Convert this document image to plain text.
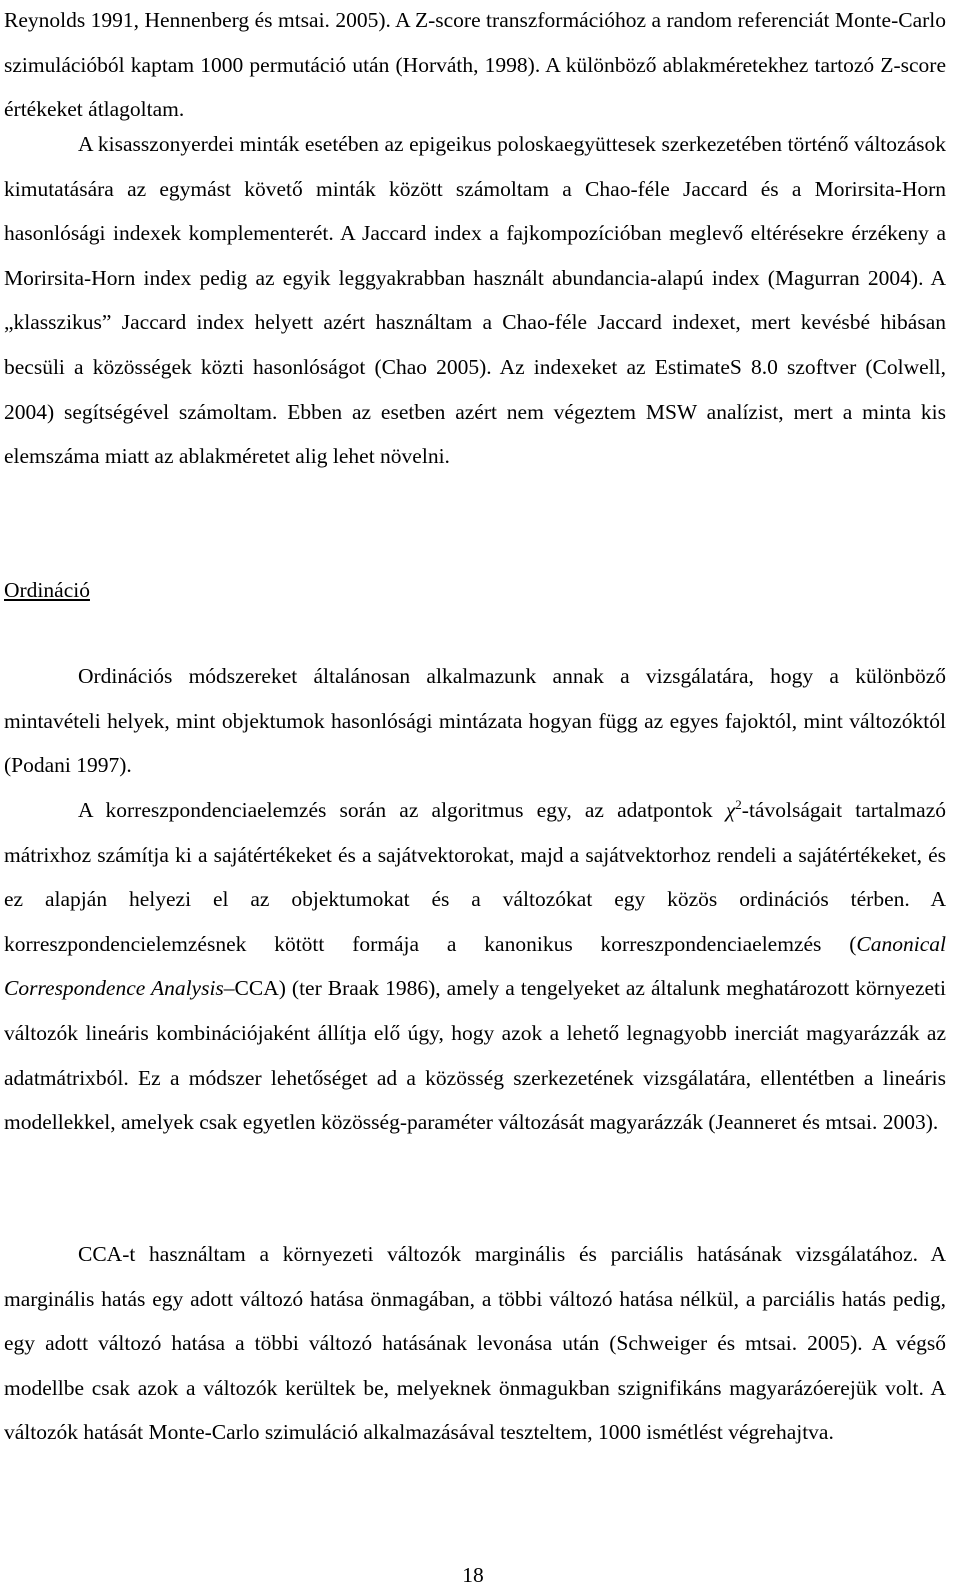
Reynolds 1991, Hennenberg és mtsai. 2005). A Z-score transzformációhoz a random referenciát Monte-Carlo szimulációból kaptam 1000 permutáció után (Horváth, 1998). A különböző ablakméretekhez tartozó Z-score értékeket átlagoltam.

A kisasszonyerdei minták esetében az epigeikus poloskaegyüttesek szerkezetében történő változások kimutatására az egymást követő minták között számoltam a Chao-féle Jaccard és a Morirsita-Horn hasonlósági indexek komplementerét. A Jaccard index a fajkompozícióban meglevő eltérésekre érzékeny a Morirsita-Horn index pedig az egyik leggyakrabban használt abundancia-alapú index (Magurran 2004). A „klasszikus” Jaccard index helyett azért használtam a Chao-féle Jaccard indexet, mert kevésbé hibásan becsüli a közösségek közti hasonlóságot (Chao 2005). Az indexeket az EstimateS 8.0 szoftver (Colwell, 2004) segítségével számoltam. Ebben az esetben azért nem végeztem MSW analízist, mert a minta kis elemszáma miatt az ablakméretet alig lehet növelni.

Ordináció

Ordinációs módszereket általánosan alkalmazunk annak a vizsgálatára, hogy a különböző mintavételi helyek, mint objektumok hasonlósági mintázata hogyan függ az egyes fajoktól, mint változóktól (Podani 1997).

A korreszpondenciaelemzés során az algoritmus egy, az adatpontok $\chi^2$-távolságait tartalmazó mátrixhoz számítja ki a sajátértékeket és a sajátvektorokat, majd a sajátvektorhoz rendeli a sajátértékeket, és ez alapján helyezi el az objektumokat és a változókat egy közös ordinációs térben. A korreszpondencielemzésnek kötött formája a kanonikus korreszpondenciaelemzés (Canonical Correspondence Analysis–CCA) (ter Braak 1986), amely a tengelyeket az általunk meghatározott környezeti változók lineáris kombinációjaként állítja elő úgy, hogy azok a lehető legnagyobb inerciát magyarázzák az adatmátrixból. Ez a módszer lehetőséget ad a közösség szerkezetének vizsgálatára, ellentétben a lineáris modellekkel, amelyek csak egyetlen közösség-paraméter változását magyarázzák (Jeanneret és mtsai. 2003).

CCA-t használtam a környezeti változók marginális és parciális hatásának vizsgálatához. A marginális hatás egy adott változó hatása önmagában, a többi változó hatása nélkül, a parciális hatás pedig, egy adott változó hatása a többi változó hatásának levonása után (Schweiger és mtsai. 2005). A végső modellbe csak azok a változók kerültek be, melyeknek önmagukban szignifikáns magyarázóerejük volt. A változók hatását Monte-Carlo szimuláció alkalmazásával teszteltem, 1000 ismétlést végrehajtva.

18
